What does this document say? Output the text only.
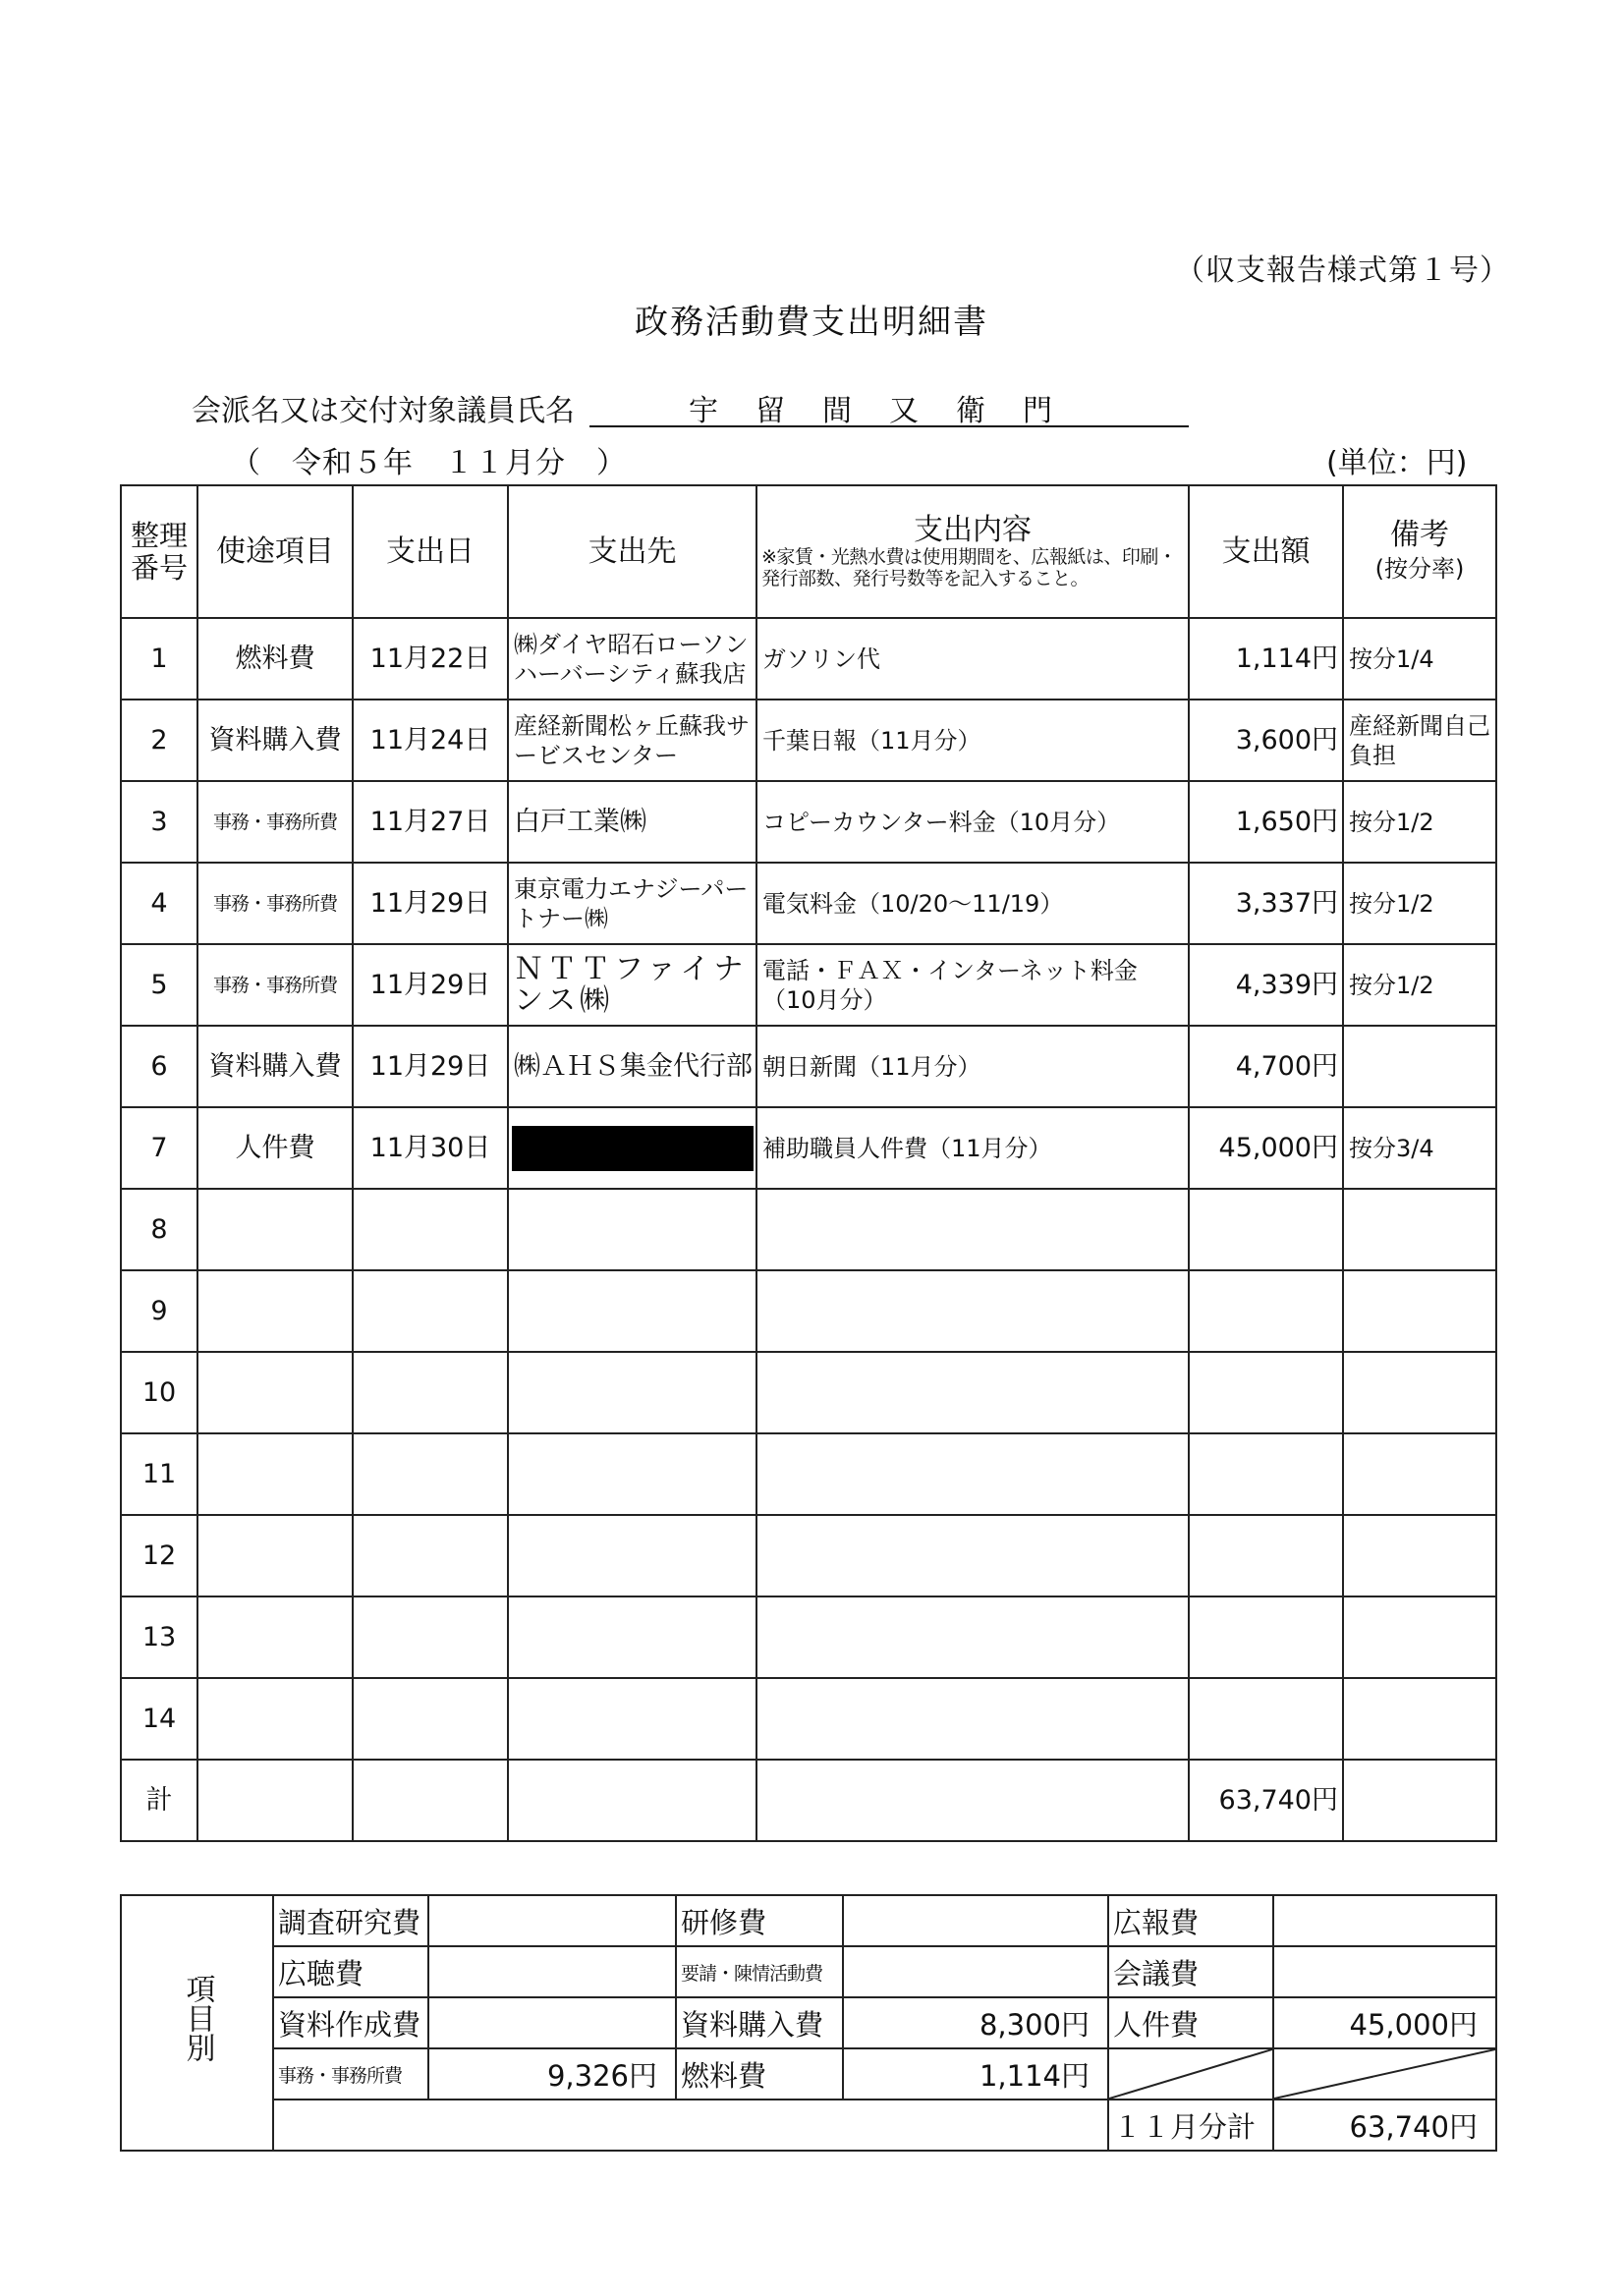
（収支報告様式第１号）
政務活動費支出明細書
会派名又は交付対象議員氏名	宇留間又衛門
（　令和５年　１１月分　）	(単位：円)
整理番号	使途項目	支出日	支出先	支出内容
※家賃・光熱水費は使用期間を、広報紙は、印刷・発行部数、発行号数等を記入すること。	支出額	備考
(按分率)

1	燃料費	11月22日	㈱ダイヤ昭石ローソンハーバーシティ蘇我店	ガソリン代	1,114円	按分1/4
2	資料購入費	11月24日	産経新聞松ヶ丘蘇我サービスセンター	千葉日報（11月分）	3,600円	産経新聞自己負担
3	事務・事務所費	11月27日	白戸工業㈱	コピーカウンター料金（10月分）	1,650円	按分1/2
4	事務・事務所費	11月29日	東京電力エナジーパートナー㈱	電気料金（10/20～11/19）	3,337円	按分1/2
5	事務・事務所費	11月29日	ＮＴＴファイナンス㈱	電話・ＦＡＸ・インターネット料金（10月分）	4,339円	按分1/2
6	資料購入費	11月29日	㈱ＡＨＳ集金代行部	朝日新聞（11月分）	4,700円	
7	人件費	11月30日		補助職員人件費（11月分）	45,000円	按分3/4
8						
9						
10						
11						
12						
13						
14						
計					63,740円	
項目別	調査研究費		研修費		広報費	
	広聴費		要請・陳情活動費		会議費	
	資料作成費		資料購入費	8,300円	人件費	45,000円
	事務・事務所費	9,326円	燃料費	1,114円	

					１１月分計	63,740円
